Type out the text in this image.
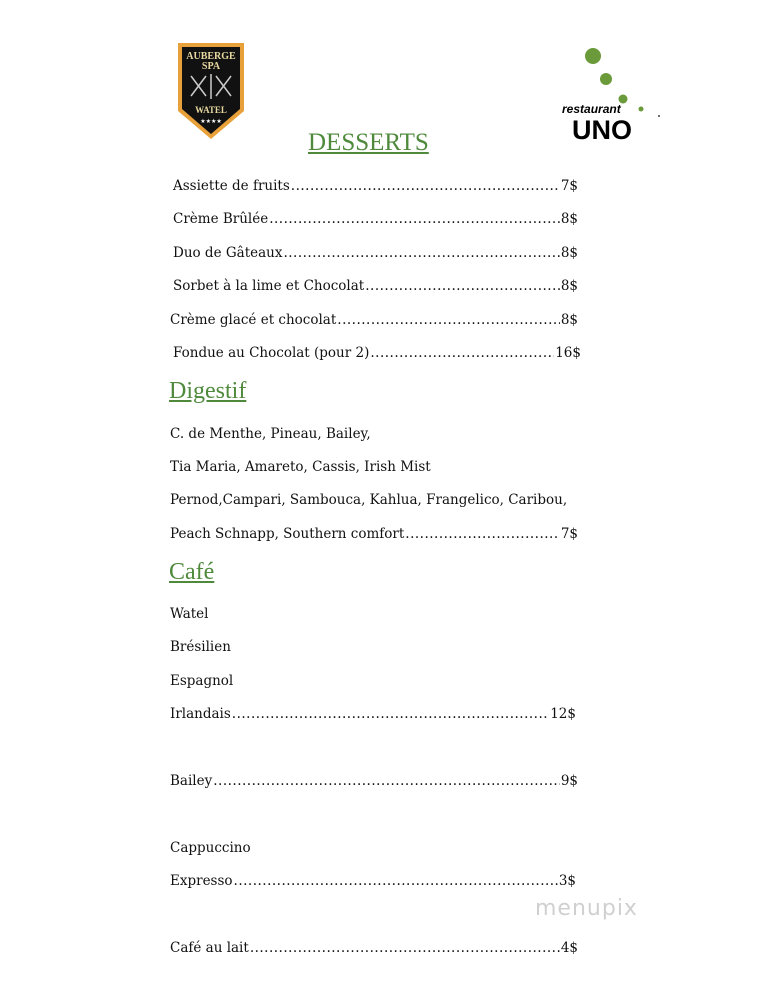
AUBERGE
SPA
WATEL
★★★★
restaurant
UNO
DESSERTS
Assiette de fruits .....	7$
Crème Brûlée .....	8$
Duo de Gâteaux .....	8$
Sorbet à la lime et Chocolat .....	8$
Crème glacé et chocolat .....	8$
Fondue au Chocolat (pour 2) .....	16$
Digestif
C. de Menthe, Pineau, Bailey,
Tia Maria, Amareto, Cassis, Irish Mist
Pernod,Campari, Sambouca, Kahlua, Frangelico, Caribou,
Peach Schnapp, Southern comfort .....	7$
Café
Watel
Brésilien
Espagnol
Irlandais .....	12$
Bailey .....	9$
Cappuccino
Expresso .....	3$
Café au lait .....	4$
menupix
